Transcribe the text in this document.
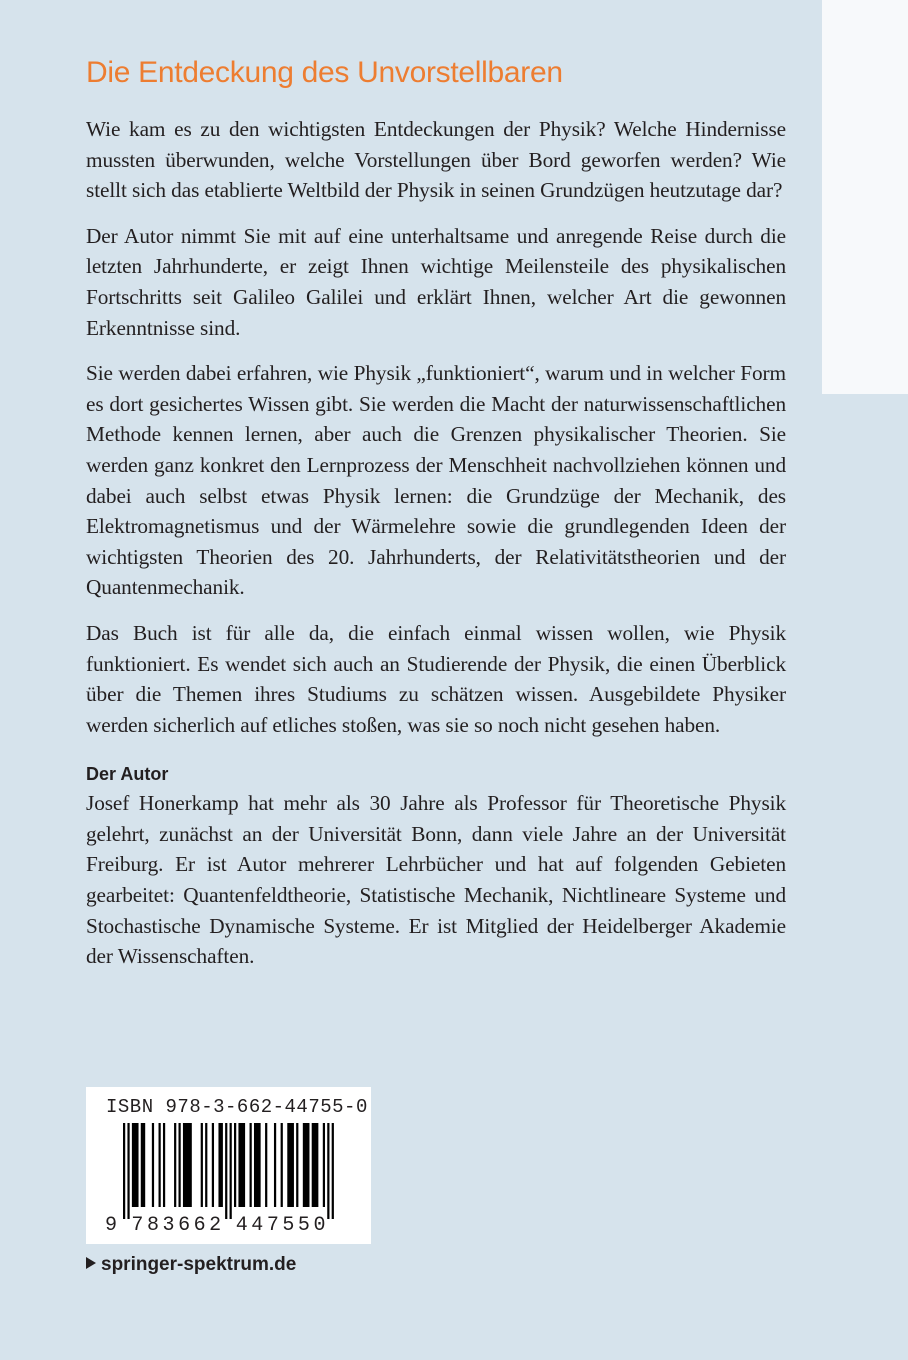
Die Entdeckung des Unvorstellbaren

Wie kam es zu den wichtigsten Entdeckungen der Physik? Welche Hindernisse mussten überwunden, welche Vorstellungen über Bord geworfen werden? Wie stellt sich das etablierte Weltbild der Physik in seinen Grundzügen heutzutage dar?

Der Autor nimmt Sie mit auf eine unterhaltsame und anregende Reise durch die letzten Jahrhunderte, er zeigt Ihnen wichtige Meilensteile des physikalischen Fortschritts seit Galileo Galilei und erklärt Ihnen, welcher Art die gewonnen Erkenntnisse sind.

Sie werden dabei erfahren, wie Physik „funktioniert“, warum und in welcher Form es dort gesichertes Wissen gibt. Sie werden die Macht der naturwissenschaftlichen Methode kennen lernen, aber auch die Grenzen physikalischer Theorien. Sie werden ganz konkret den Lernprozess der Menschheit nachvollziehen können und dabei auch selbst etwas Physik lernen: die Grundzüge der Mechanik, des Elektromagnetismus und der Wärmelehre sowie die grundlegenden Ideen der wichtigsten Theorien des 20. Jahrhunderts, der Relativitätstheorien und der Quantenmechanik.

Das Buch ist für alle da, die einfach einmal wissen wollen, wie Physik funktioniert. Es wendet sich auch an Studierende der Physik, die einen Überblick über die Themen ihres Studiums zu schätzen wissen. Ausgebildete Physiker werden sicherlich auf etliches stoßen, was sie so noch nicht gesehen haben.

Der Autor

Josef Honerkamp hat mehr als 30 Jahre als Professor für Theoretische Physik gelehrt, zunächst an der Universität Bonn, dann viele Jahre an der Universität Freiburg. Er ist Autor mehrerer Lehrbücher und hat auf folgenden Gebieten gearbeitet: Quantenfeldtheorie, Statistische Mechanik, Nichtlineare Systeme und Stochastische Dynamische Systeme. Er ist Mitglied der Heidelberger Akademie der Wissenschaften.

ISBN 978-3-662-44755-0
9 7 8 3 6 6 2 4 4 7 5 5 0
springer-spektrum.de
